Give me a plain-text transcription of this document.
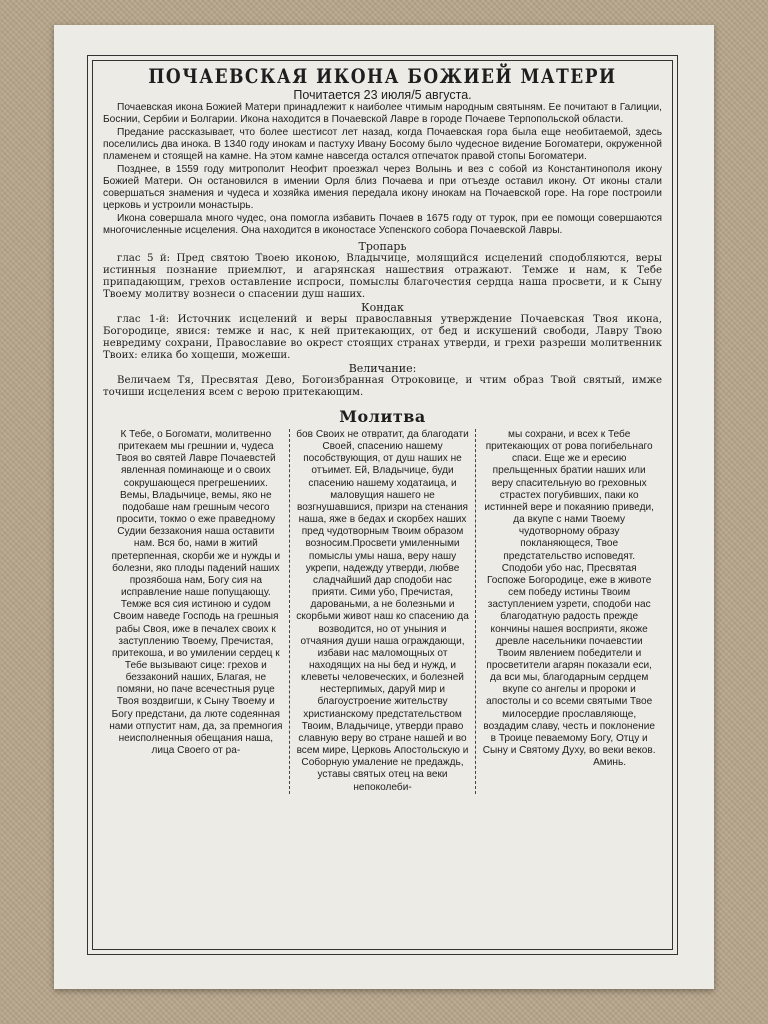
ПОЧАЕВСКАЯ ИКОНА БОЖИЕЙ МАТЕРИ
Почитается 23 июля/5 августа.

Почаевская икона Божией Матери принадлежит к наиболее чтимым народным святыням. Ее почитают в Галиции, Боснии, Сербии и Болгарии. Икона находится в Почаевской Лавре в городе Почаеве Терпопольской области.

Предание рассказывает, что более шестисот лет назад, когда Почаевская гора была еще необитаемой, здесь поселились два инока. В 1340 году инокам и пастуху Ивану Босому было чудесное видение Богоматери, окруженной пламенем и стоящей на камне. На этом камне навсегда остался отпечаток правой стопы Богоматери.

Позднее, в 1559 году митрополит Неофит проезжал через Волынь и вез с собой из Константинополя икону Божией Матери. Он остановился в имении Орля близ Почаева и при отъезде оставил икону. От иконы стали совершаться знамения и чудеса и хозяйка имения передала икону инокам на Почаевской горе. На горе построили церковь и устроили монастырь.

Икона совершала много чудес, она помогла избавить Почаев в 1675 году от турок, при ее помощи совершаются многочисленные исцеления. Она находится в иконостасе Успенского собора Почаевской Лавры.

Тропарь

глас 5 й: Пред святою Твоею иконою, Владычице, молящийся исцелений сподобляются, веры истинныя познание приемлют, и агарянская нашествия отражают. Темже и нам, к Тебе припадающим, грехов оставление испроси, помыслы благочестия сердца наша просвети, и к Сыну Твоему молитву вознеси о спасении душ наших.

Кондак

глас 1-й: Источник исцелений и веры православныя утверждение Почаевская Твоя икона, Богородице, явися: темже и нас, к ней притекающих, от бед и искушений свободи, Лавру Твою невредиму сохрани, Православие во окрест стоящих странах утверди, и грехи разреши молитвенник Твоих: елика бо хощеши, можеши.

Величание:

Величаем Тя, Пресвятая Дево, Богоизбранная Отроковице, и чтим образ Твой святый, имже точиши исцеления всем с верою притекающим.

Молитва

К Тебе, о Богомати, молитвенно притекаем мы грешнии и, чудеса Твоя во святей Лавре Почаевстей явленная поминающе и о своих сокрушающеся прегрешениих. Вемы, Владычице, вемы, яко не подобаше нам грешным чесого просити, токмо о еже праведному Судии беззакония наша оставити нам. Вся бо, нами в житий претерпенная, скорби же и нужды и болезни, яко плоды падений наших прозябоша нам, Богу сия на исправление наше попущающу. Темже вся сия истиною и судом Своим наведе Господь на грешныя рабы Своя, иже в печалех своих к заступлению Твоему, Пречистая, притекоша, и во умилении сердец к Тебе вызывают сице: грехов и беззаконий наших, Благая, не помяни, но паче всечестныя руце Твоя воздвигши, к Сыну Твоему и Богу предстани, да люте содеянная нами отпустит нам, да, за премногия неисполненныя обещания наша, лица Своего от ра-

бов Своих не отвратит, да благодати Своей, спасению нашему пособствующия, от душ наших не отъимет. Ей, Владычице, буди спасению нашему ходатаица, и маловущия нашего не возгнушавшися, призри на стенания наша, яже в бедах и скорбех наших пред чудотворным Твоим образом возносим.Просвети умиленными помыслы умы наша, веру нашу укрепи, надежду утверди, любве сладчайший дар сподоби нас прияти. Сими убо, Пречистая, дарованьми, а не болезньми и скорбьми живот наш ко спасению да возводится, но от уныния и отчаяния души наша ограждающи, избави нас маломощных от находящих на ны бед и нужд, и клеветы человеческих, и болезней нестерпимых, даруй мир и благоустроение жительству христианскому предстательством Твоим, Владычице, утверди право славную веру во стране нашей и во всем мире, Церковь Апостольскую и Соборную умаление не предаждь, уставы святых отец на веки непоколеби-

мы сохрани, и всех к Тебе притекающих от рова погибельнаго спаси. Еще же и ересию прельщенных братии наших или веру спасительную во греховных страстех погубивших, паки ко истинней вере и покаянию приведи, да вкупе с нами Твоему чудотворному образу покланяющеся, Твое предстательство исповедят. Сподоби убо нас, Пресвятая Госпоже Богородице, еже в животе сем победу истины Твоим заступлением узрети, сподоби нас благодатную радость прежде кончины нашея восприяти, якоже древле насельники почаевстии Твоим явлением победители и просветители агарян показали еси, да вси мы, благодарным сердцем вкупе со ангелы и пророки и апостолы и со всеми святыми Твое милосердие прославляюще, воздадим славу, честь и поклонение в Троице певаемому Богу, Отцу и Сыну и Святому Духу, во веки веков.

Аминь.
